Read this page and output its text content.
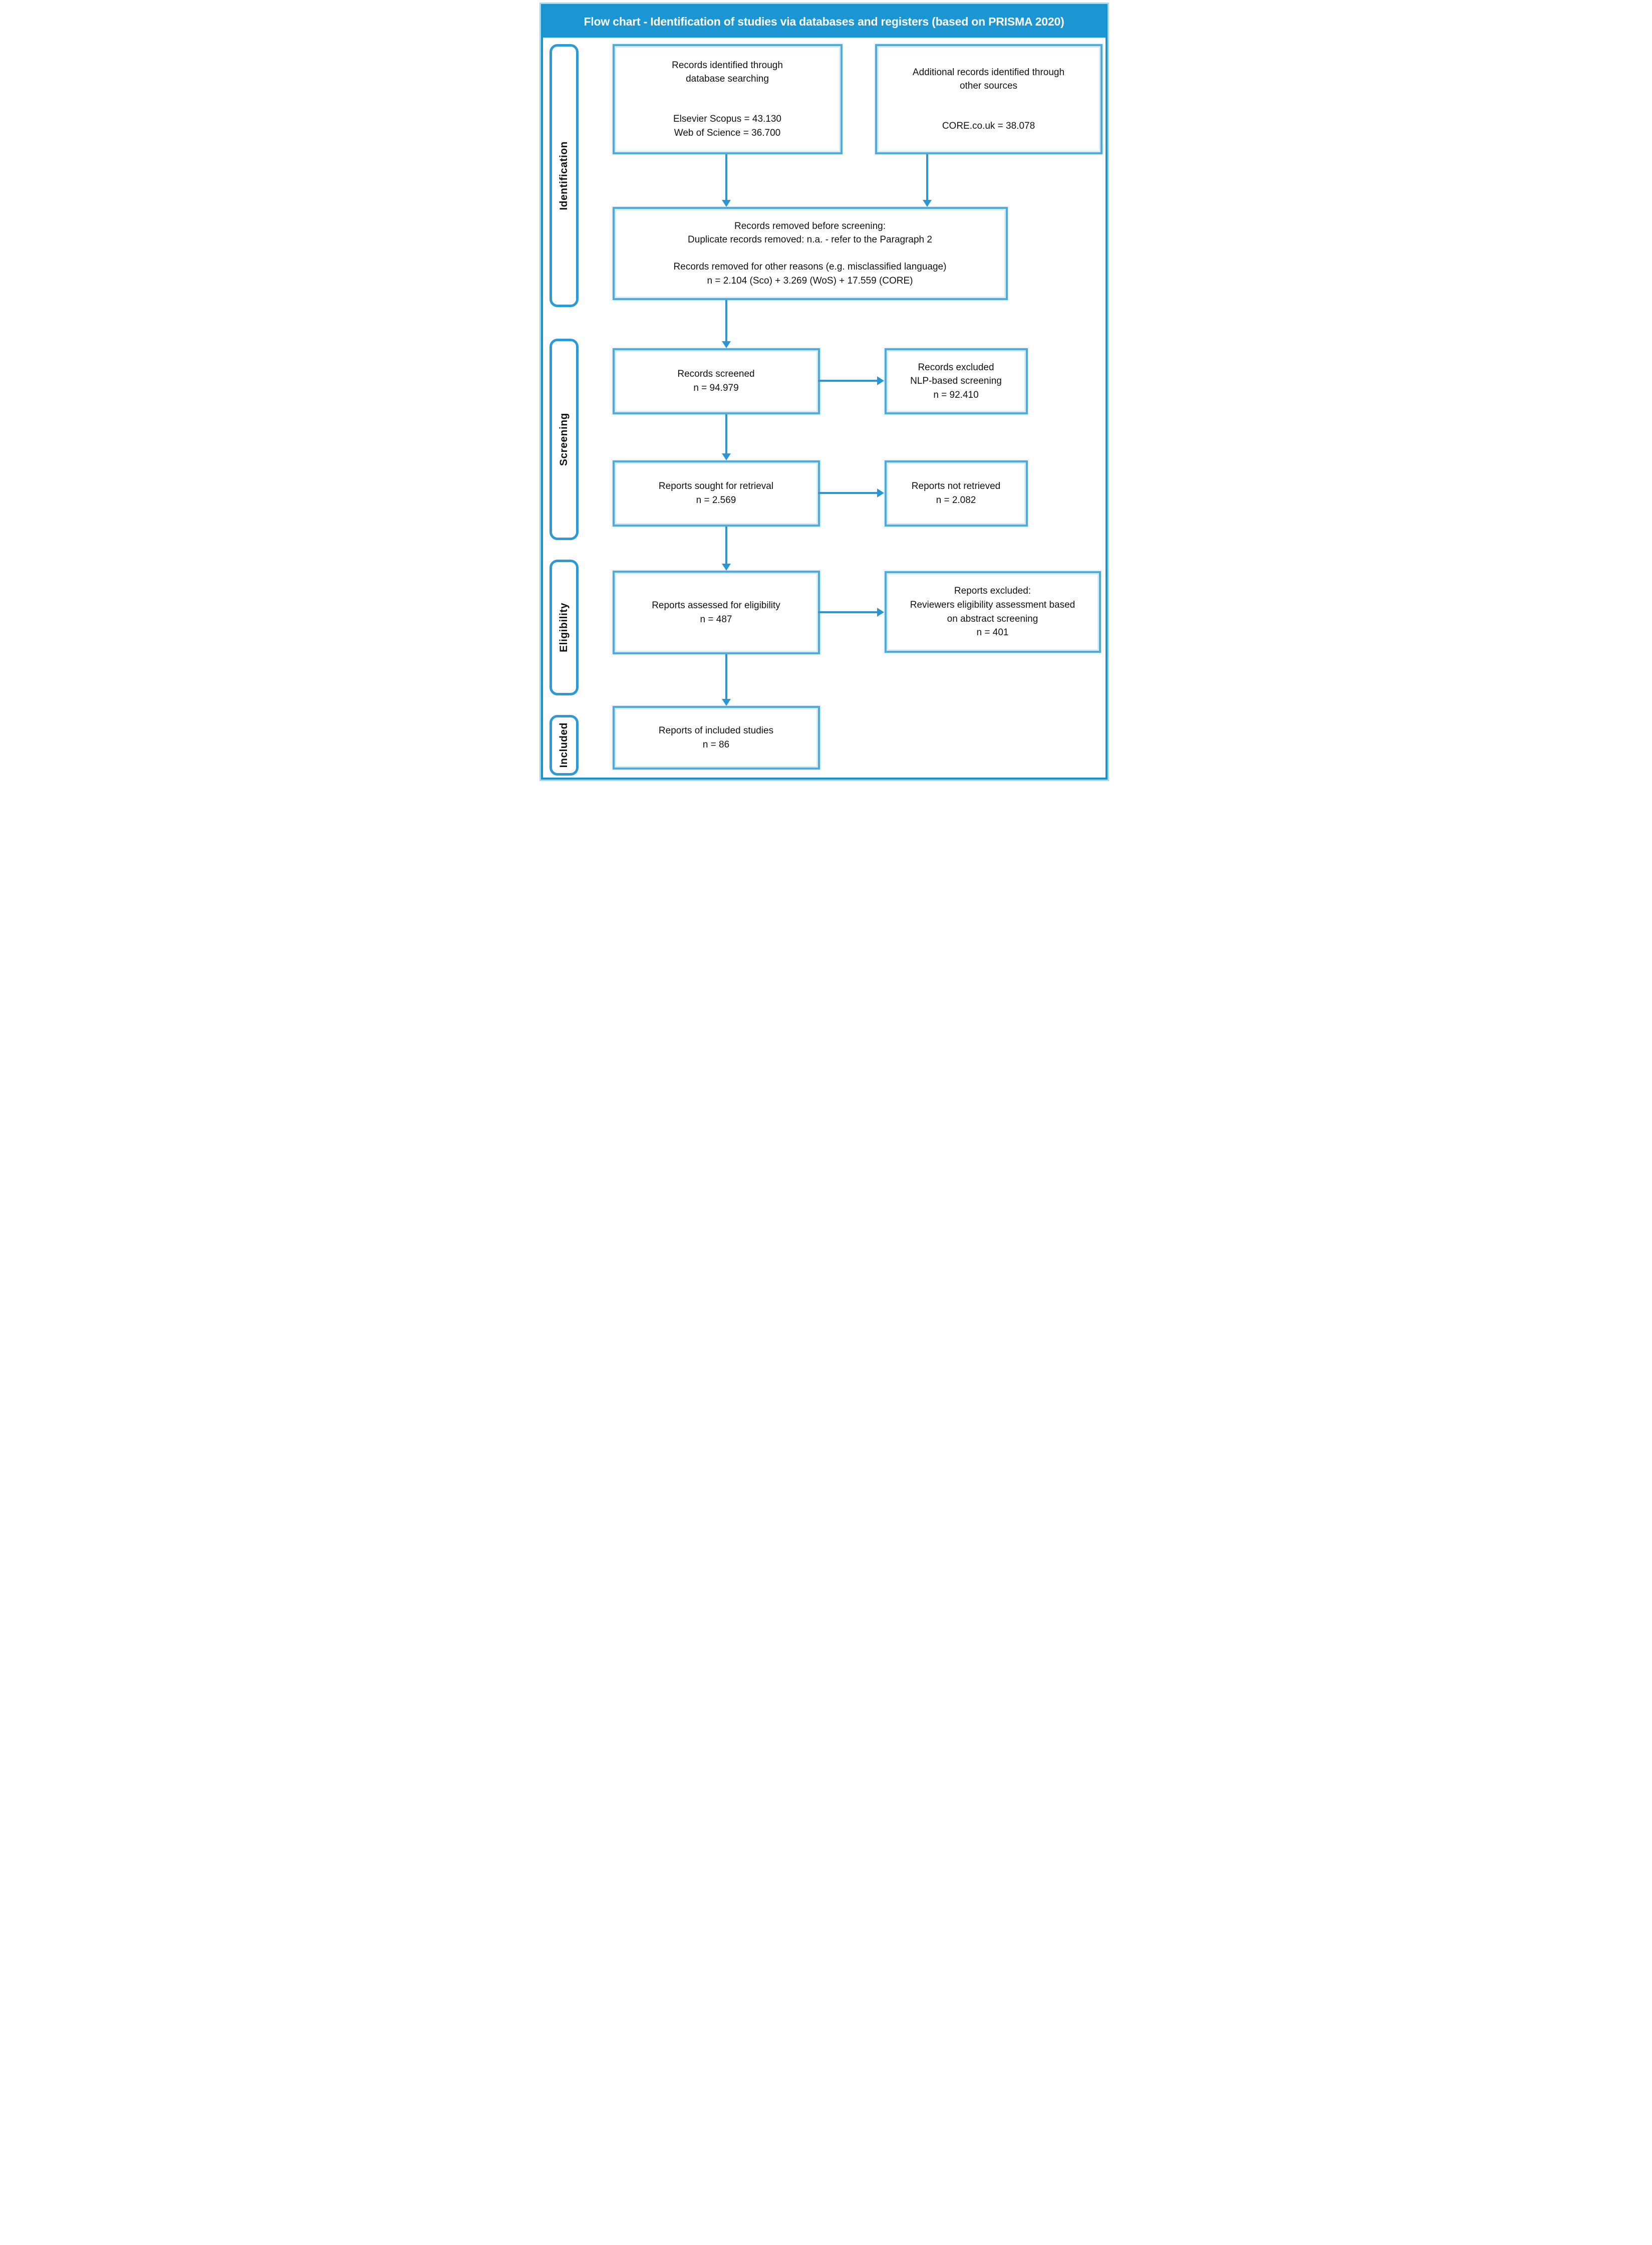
Flow chart - Identification of studies via databases and registers (based on PRISMA 2020)
Identification
Screening
Eligibility
Included
Records identified through database searching
Elsevier Scopus = 43.130
Web of Science = 36.700
Additional records identified through other sources
CORE.co.uk = 38.078
Records removed before screening:
Duplicate records removed: n.a. - refer to the Paragraph 2
Records removed for other reasons (e.g. misclassified language)
n = 2.104 (Sco) + 3.269 (WoS) + 17.559 (CORE)
Records screened
n = 94.979
Records excluded
NLP-based screening
n = 92.410
Reports sought for retrieval
n = 2.569
Reports not retrieved
n = 2.082
Reports assessed for eligibility
n = 487
Reports excluded:
Reviewers eligibility assessment based on abstract screening
n = 401
Reports of included studies
n = 86
